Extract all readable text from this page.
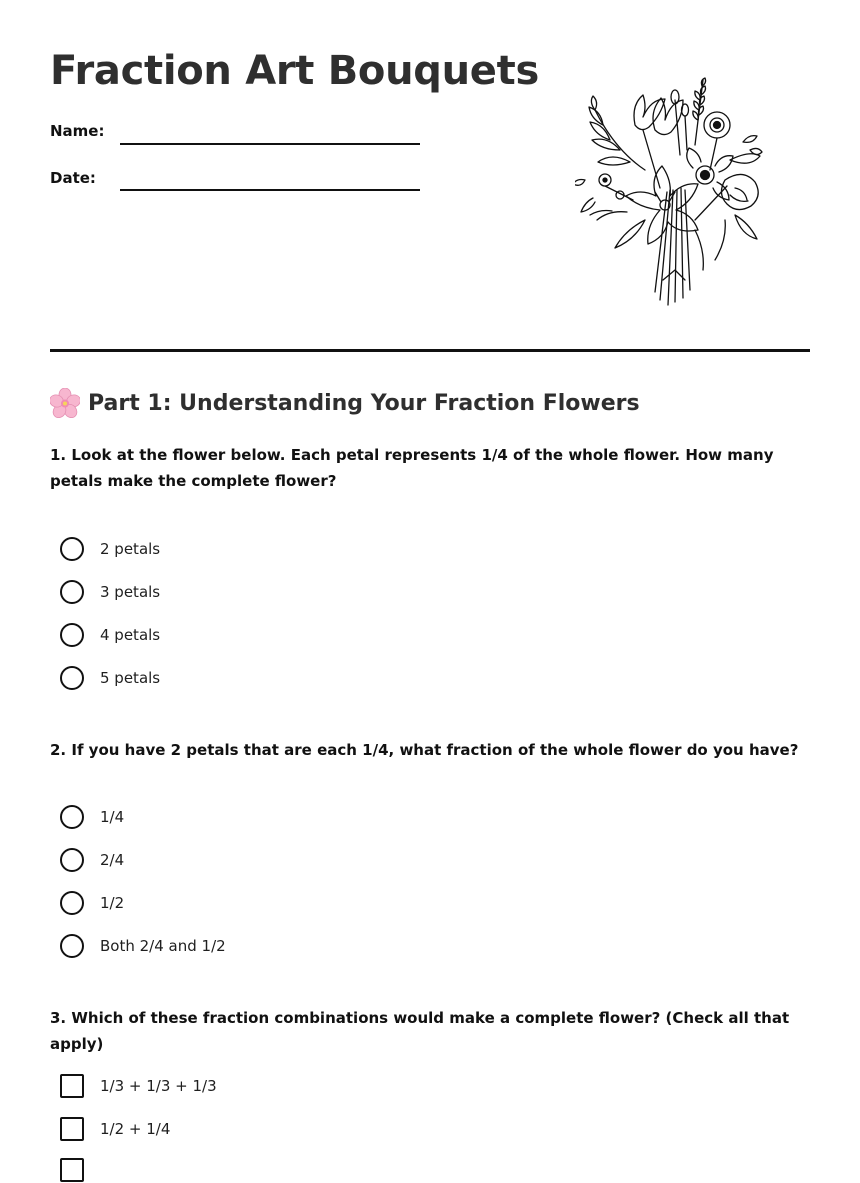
Fraction Art Bouquets
Name:
Date:
Part 1: Understanding Your Fraction Flowers

1. Look at the flower below. Each petal represents 1/4 of the whole flower. How many petals make the complete flower?

2 petals
3 petals
4 petals
5 petals

2. If you have 2 petals that are each 1/4, what fraction of the whole flower do you have?

1/4
2/4
1/2
Both 2/4 and 1/2

3. Which of these fraction combinations would make a complete flower? (Check all that apply)

1/3 + 1/3 + 1/3
1/2 + 1/4
